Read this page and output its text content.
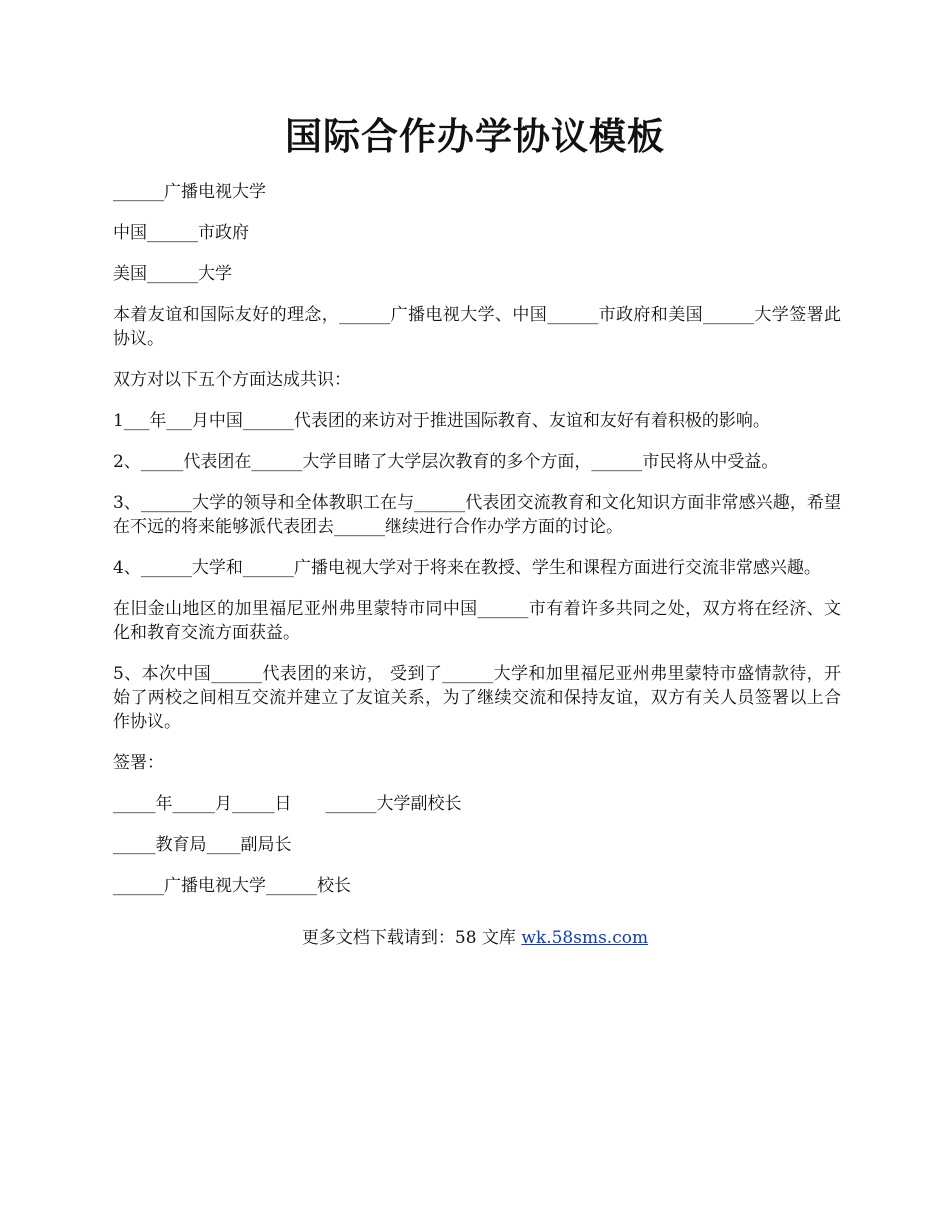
国际合作办学协议模板

______广播电视大学

中国______市政府

美国______大学

本着友谊和国际友好的理念，______广播电视大学、中国______市政府和美国______大学签署此协议。

双方对以下五个方面达成共识：

1___年___月中国______代表团的来访对于推进国际教育、友谊和友好有着积极的影响。

2、_____代表团在______大学目睹了大学层次教育的多个方面，______市民将从中受益。

3、______大学的领导和全体教职工在与______代表团交流教育和文化知识方面非常感兴趣，希望在不远的将来能够派代表团去______继续进行合作办学方面的讨论。

4、______大学和______广播电视大学对于将来在教授、学生和课程方面进行交流非常感兴趣。

在旧金山地区的加里福尼亚州弗里蒙特市同中国______市有着许多共同之处，双方将在经济、文化和教育交流方面获益。

5、本次中国______代表团的来访， 受到了______大学和加里福尼亚州弗里蒙特市盛情款待，开始了两校之间相互交流并建立了友谊关系，为了继续交流和保持友谊，双方有关人员签署以上合作协议。

签署：

_____年_____月_____日 ______大学副校长

_____教育局____副局长

______广播电视大学______校长

更多文档下载请到：58 文库 wk.58sms.com
